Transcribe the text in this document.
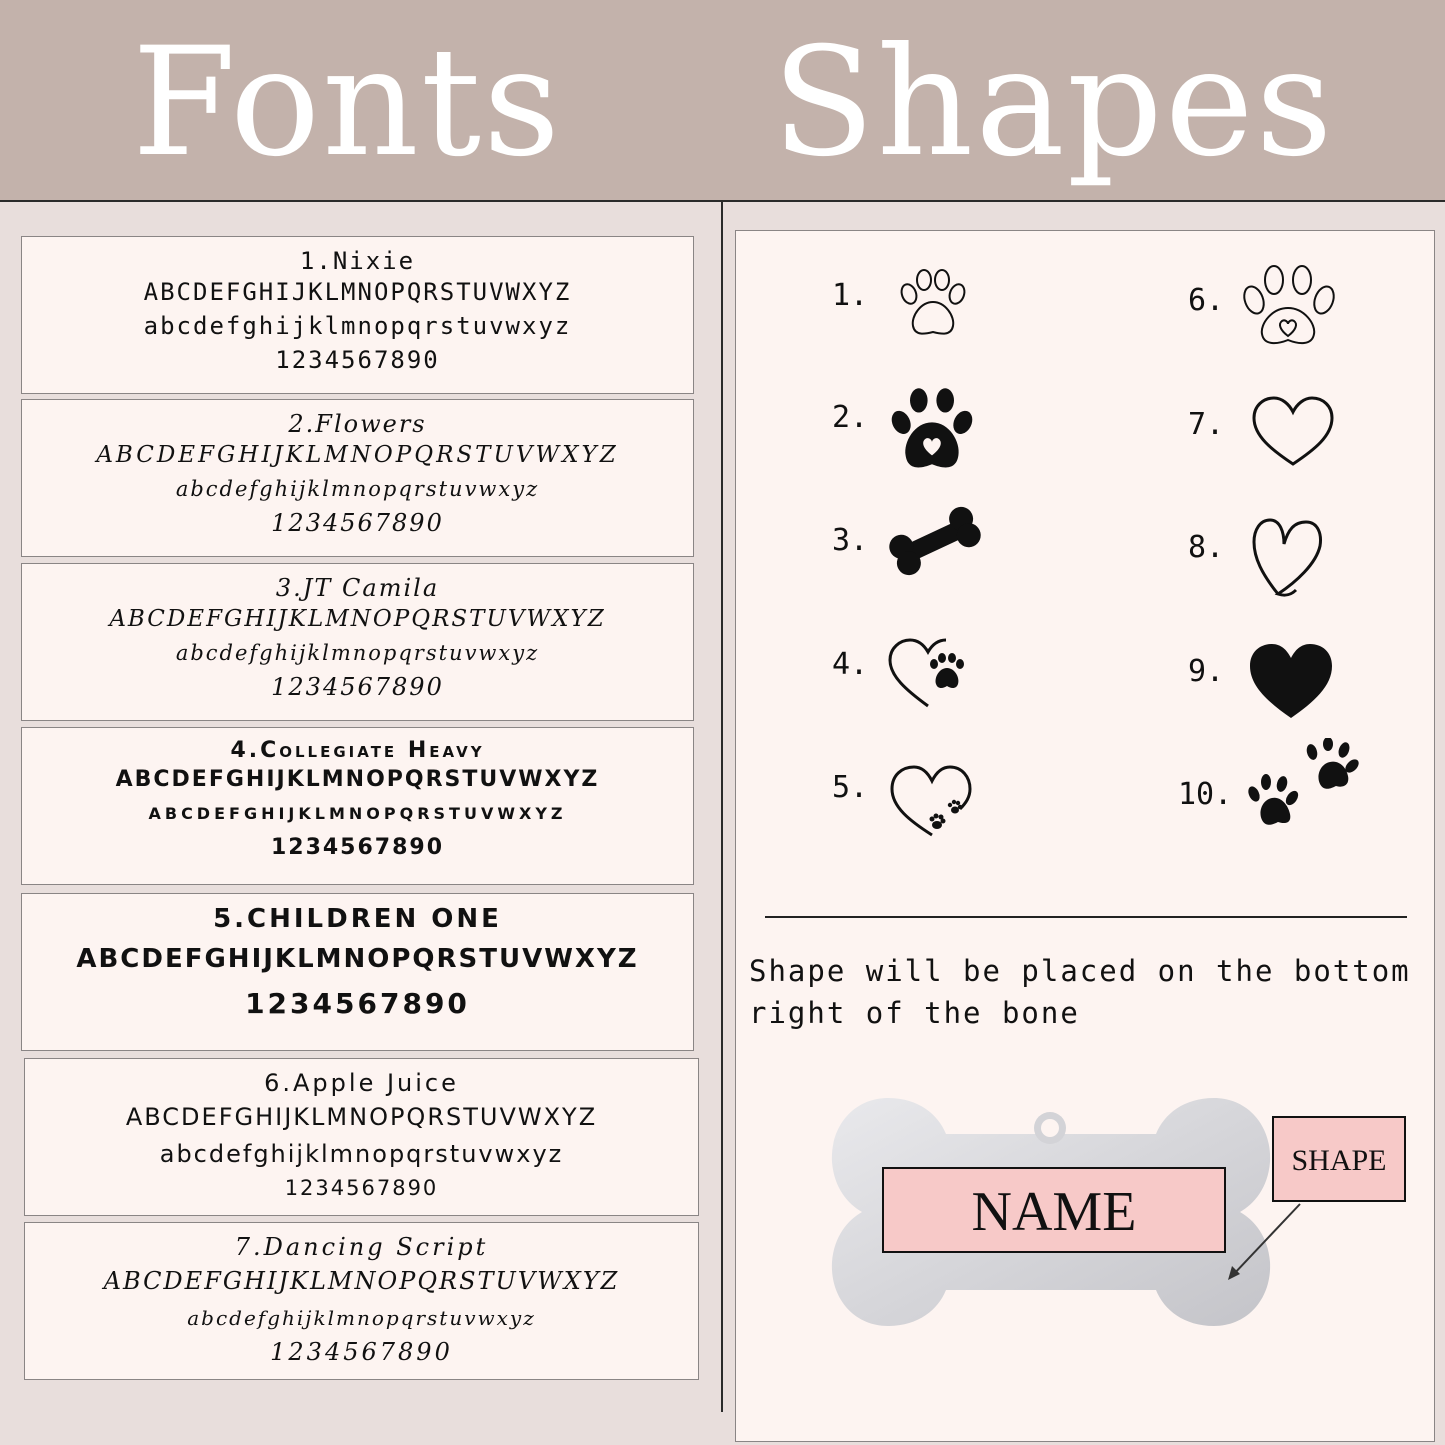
Fonts Shapes
1.Nixie
ABCDEFGHIJKLMNOPQRSTUVWXYZ
abcdefghijklmnopqrstuvwxyz
1234567890
2.Flowers
ABCDEFGHIJKLMNOPQRSTUVWXYZ
abcdefghijklmnopqrstuvwxyz
1234567890
3.JT Camila
ABCDEFGHIJKLMNOPQRSTUVWXYZ
abcdefghijklmnopqrstuvwxyz
1234567890
4.Collegiate Heavy
ABCDEFGHIJKLMNOPQRSTUVWXYZ
ABCDEFGHIJKLMNOPQRSTUVWXYZ
1234567890
5.CHILDREN ONE
ABCDEFGHIJKLMNOPQRSTUVWXYZ
1234567890
6.Apple Juice
ABCDEFGHIJKLMNOPQRSTUVWXYZ
abcdefghijklmnopqrstuvwxyz
1234567890
7.Dancing Script
ABCDEFGHIJKLMNOPQRSTUVWXYZ
abcdefghijklmnopqrstuvwxyz
1234567890
1.
2.
3.
4.
5.
6.
7.
8.
9.
10.
Shape will be placed on the bottom right of the bone
NAME
SHAPE
